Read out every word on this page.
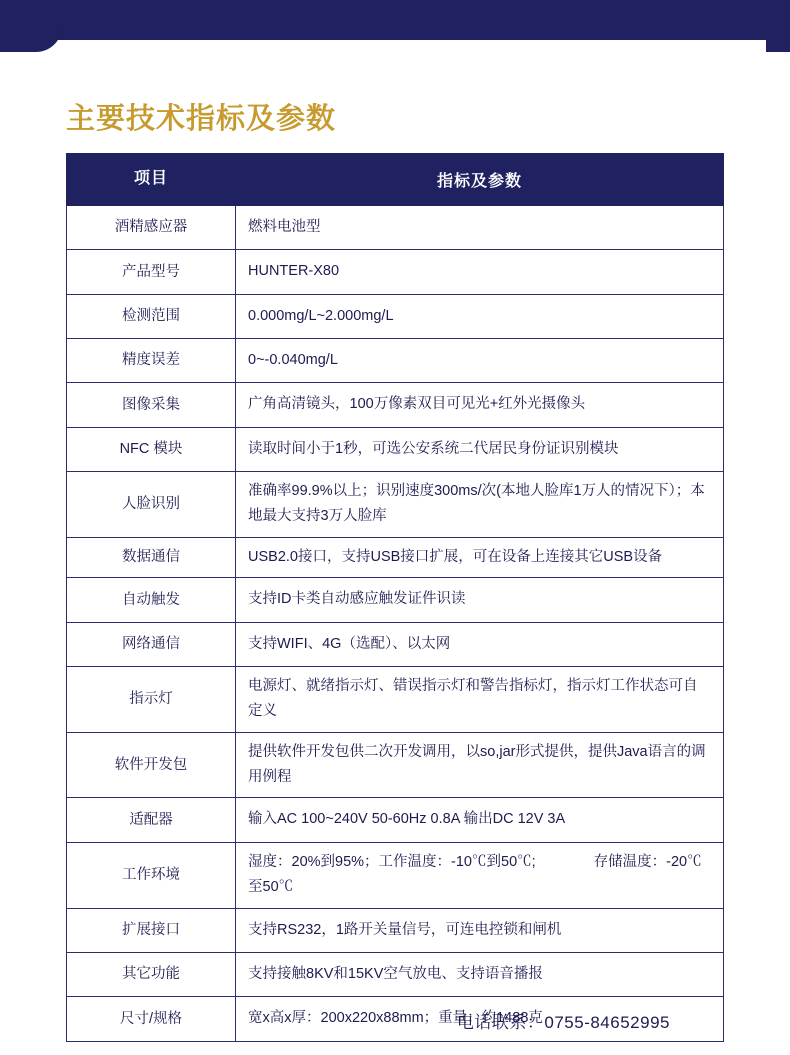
主要技术指标及参数
项目	指标及参数
酒精感应器	燃料电池型
产品型号	HUNTER-X80
检测范围	0.000mg/L~2.000mg/L
精度误差	0~-0.040mg/L
图像采集	广角高清镜头，100万像素双目可见光+红外光摄像头
NFC 模块	读取时间小于1秒，可选公安系统二代居民身份证识别模块
人脸识别	准确率99.9%以上；识别速度300ms/次(本地人脸库1万人的情况下）；本地最大支持3万人脸库
数据通信	USB2.0接口，支持USB接口扩展，可在设备上连接其它USB设备
自动触发	支持ID卡类自动感应触发证件识读
网络通信	支持WIFI、4G（选配）、以太网
指示灯	电源灯、就绪指示灯、错误指示灯和警告指标灯，指示灯工作状态可自定义
软件开发包	提供软件开发包供二次开发调用，以so,jar形式提供，提供Java语言的调用例程
适配器	输入AC 100~240V 50-60Hz 0.8A 输出DC 12V 3A
工作环境	湿度：20%到95%；工作温度：-10℃到50℃;　　　　存储温度：-20℃至50℃
扩展接口	支持RS232，1路开关量信号，可连电控锁和闸机
其它功能	支持接触8KV和15KV空气放电、支持语音播报
尺寸/规格	宽x高x厚：200x220x88mm；重量：约1488克
电话联系：0755-84652995
